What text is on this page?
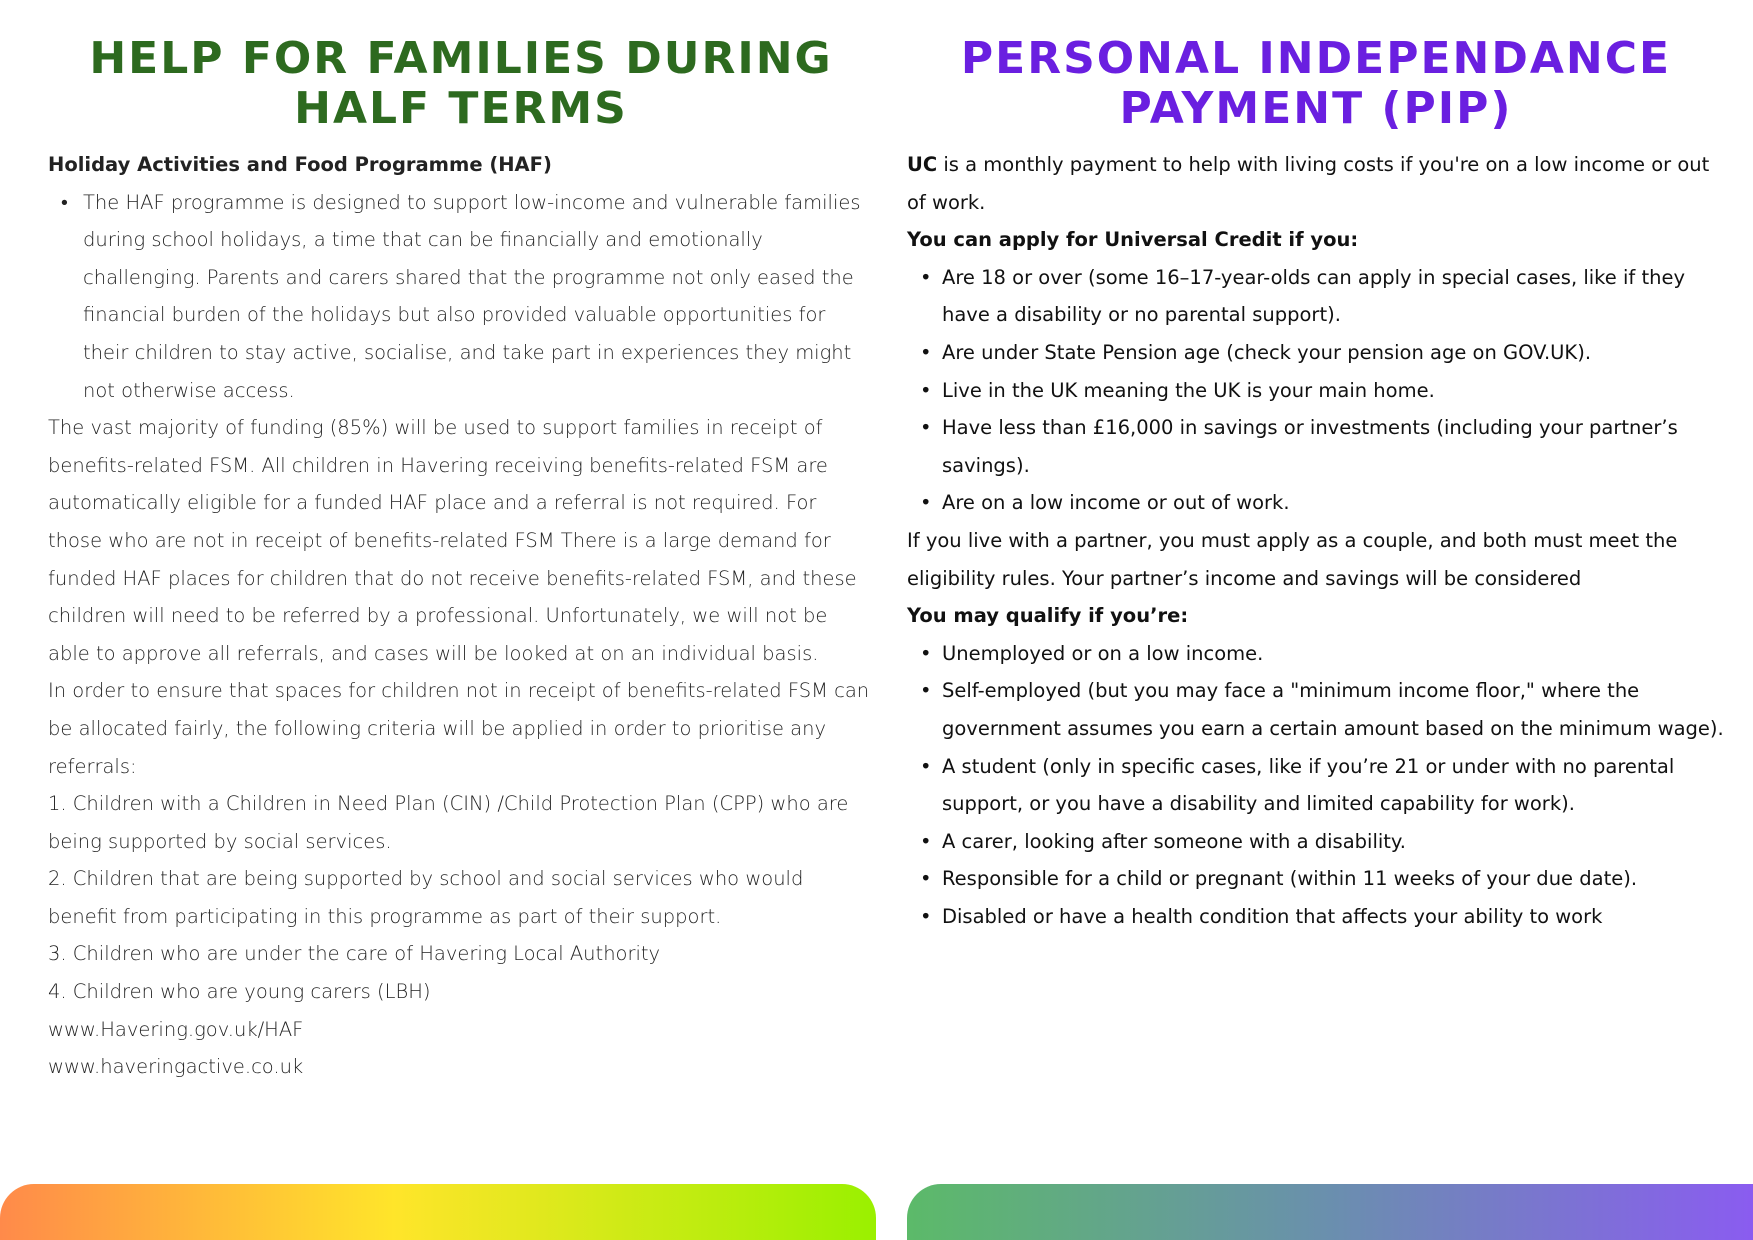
HELP FOR FAMILIES DURING
HALF TERMS

Holiday Activities and Food Programme (HAF)

• The HAF programme is designed to support low-income and vulnerable families during school holidays, a time that can be financially and emotionally challenging. Parents and carers shared that the programme not only eased the financial burden of the holidays but also provided valuable opportunities for their children to stay active, socialise, and take part in experiences they might not otherwise access.

The vast majority of funding (85%) will be used to support families in receipt of benefits-related FSM. All children in Havering receiving benefits-related FSM are automatically eligible for a funded HAF place and a referral is not required. For those who are not in receipt of benefits-related FSM There is a large demand for funded HAF places for children that do not receive benefits-related FSM, and these children will need to be referred by a professional. Unfortunately, we will not be able to approve all referrals, and cases will be looked at on an individual basis.

In order to ensure that spaces for children not in receipt of benefits-related FSM can be allocated fairly, the following criteria will be applied in order to prioritise any referrals:

1. Children with a Children in Need Plan (CIN) /Child Protection Plan (CPP) who are being supported by social services.

2. Children that are being supported by school and social services who would benefit from participating in this programme as part of their support.

3. Children who are under the care of Havering Local Authority

4. Children who are young carers (LBH)

www.Havering.gov.uk/HAF

www.haveringactive.co.uk

PERSONAL INDEPENDANCE
PAYMENT (PIP)

UC is a monthly payment to help with living costs if you're on a low income or out of work.

You can apply for Universal Credit if you:

• Are 18 or over (some 16–17-year-olds can apply in special cases, like if they have a disability or no parental support).
• Are under State Pension age (check your pension age on GOV.UK).
• Live in the UK meaning the UK is your main home.
• Have less than £16,000 in savings or investments (including your partner’s savings).
• Are on a low income or out of work.

If you live with a partner, you must apply as a couple, and both must meet the eligibility rules. Your partner’s income and savings will be considered

You may qualify if you’re:

• Unemployed or on a low income.
• Self-employed (but you may face a "minimum income floor," where the government assumes you earn a certain amount based on the minimum wage).
• A student (only in specific cases, like if you’re 21 or under with no parental support, or you have a disability and limited capability for work).
• A carer, looking after someone with a disability.
• Responsible for a child or pregnant (within 11 weeks of your due date).
• Disabled or have a health condition that affects your ability to work
